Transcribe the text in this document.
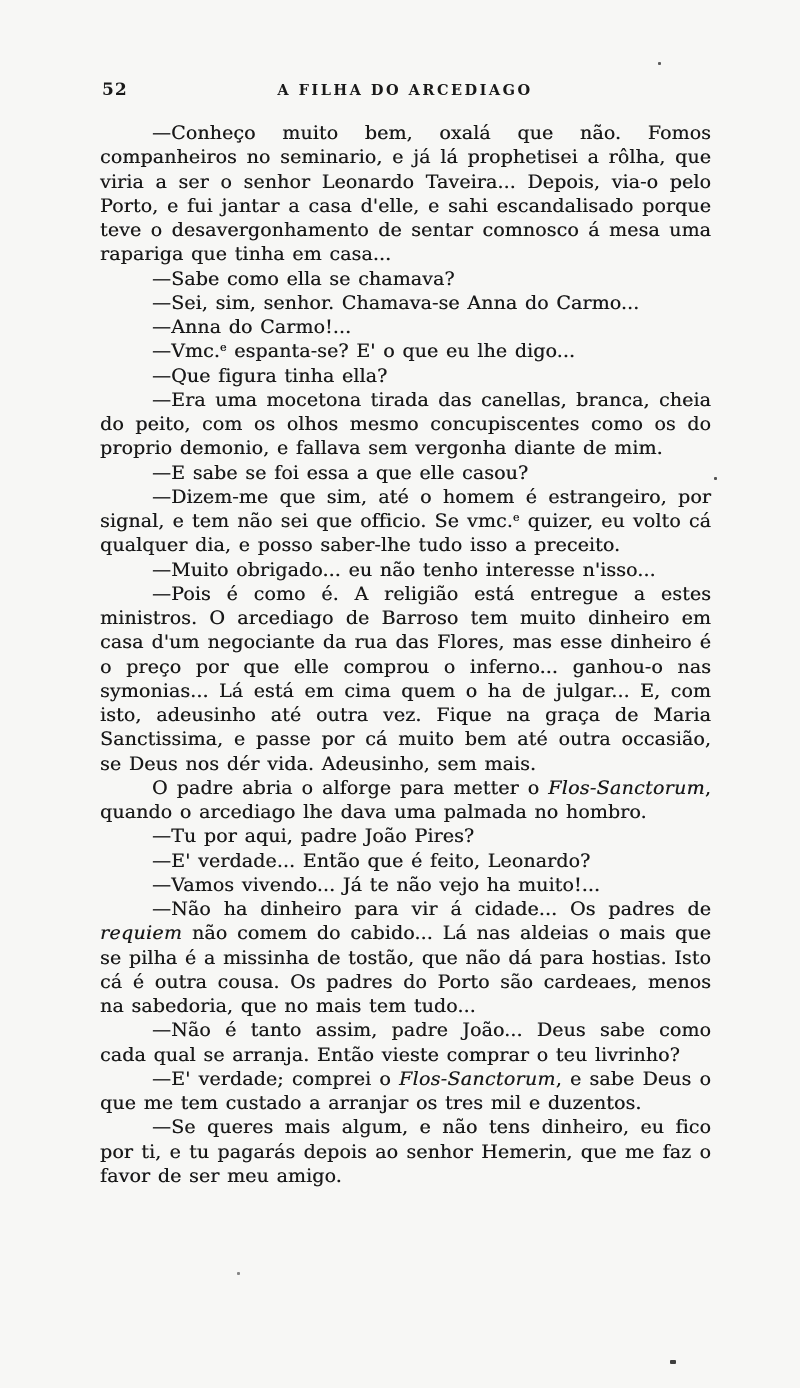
52	A FILHA DO ARCEDIAGO

—Conheço muito bem, oxalá que não. Fomos companheiros no seminario, e já lá prophetisei a rôlha, que viria a ser o senhor Leonardo Taveira... Depois, via-o pelo Porto, e fui jantar a casa d'elle, e sahi escandalisado porque teve o desavergonhamento de sentar comnosco á mesa uma rapariga que tinha em casa...

—Sabe como ella se chamava?

—Sei, sim, senhor. Chamava-se Anna do Carmo...

—Anna do Carmo!...

—Vmc.$^e$ espanta-se? E' o que eu lhe digo...

—Que figura tinha ella?

—Era uma mocetona tirada das canellas, branca, cheia do peito, com os olhos mesmo concupiscentes como os do proprio demonio, e fallava sem vergonha diante de mim.

—E sabe se foi essa a que elle casou?

—Dizem-me que sim, até o homem é estrangeiro, por signal, e tem não sei que officio. Se vmc.$^e$ quizer, eu volto cá qualquer dia, e posso saber-lhe tudo isso a preceito.

—Muito obrigado... eu não tenho interesse n'isso...

—Pois é como é. A religião está entregue a estes ministros. O arcediago de Barroso tem muito dinheiro em casa d'um negociante da rua das Flores, mas esse dinheiro é o preço por que elle comprou o inferno... ganhou-o nas symonias... Lá está em cima quem o ha de julgar... E, com isto, adeusinho até outra vez. Fique na graça de Maria Sanctissima, e passe por cá muito bem até outra occasião, se Deus nos dér vida. Adeusinho, sem mais.

O padre abria o alforge para metter o Flos-Sanctorum, quando o arcediago lhe dava uma palmada no hombro.

—Tu por aqui, padre João Pires?

—E' verdade... Então que é feito, Leonardo?

—Vamos vivendo... Já te não vejo ha muito!...

—Não ha dinheiro para vir á cidade... Os padres de requiem não comem do cabido... Lá nas aldeias o mais que se pilha é a missinha de tostão, que não dá para hostias. Isto cá é outra cousa. Os padres do Porto são cardeaes, menos na sabedoria, que no mais tem tudo...

—Não é tanto assim, padre João... Deus sabe como cada qual se arranja. Então vieste comprar o teu livrinho?

—E' verdade; comprei o Flos-Sanctorum, e sabe Deus o que me tem custado a arranjar os tres mil e duzentos.

—Se queres mais algum, e não tens dinheiro, eu fico por ti, e tu pagarás depois ao senhor Hemerin, que me faz o favor de ser meu amigo.
